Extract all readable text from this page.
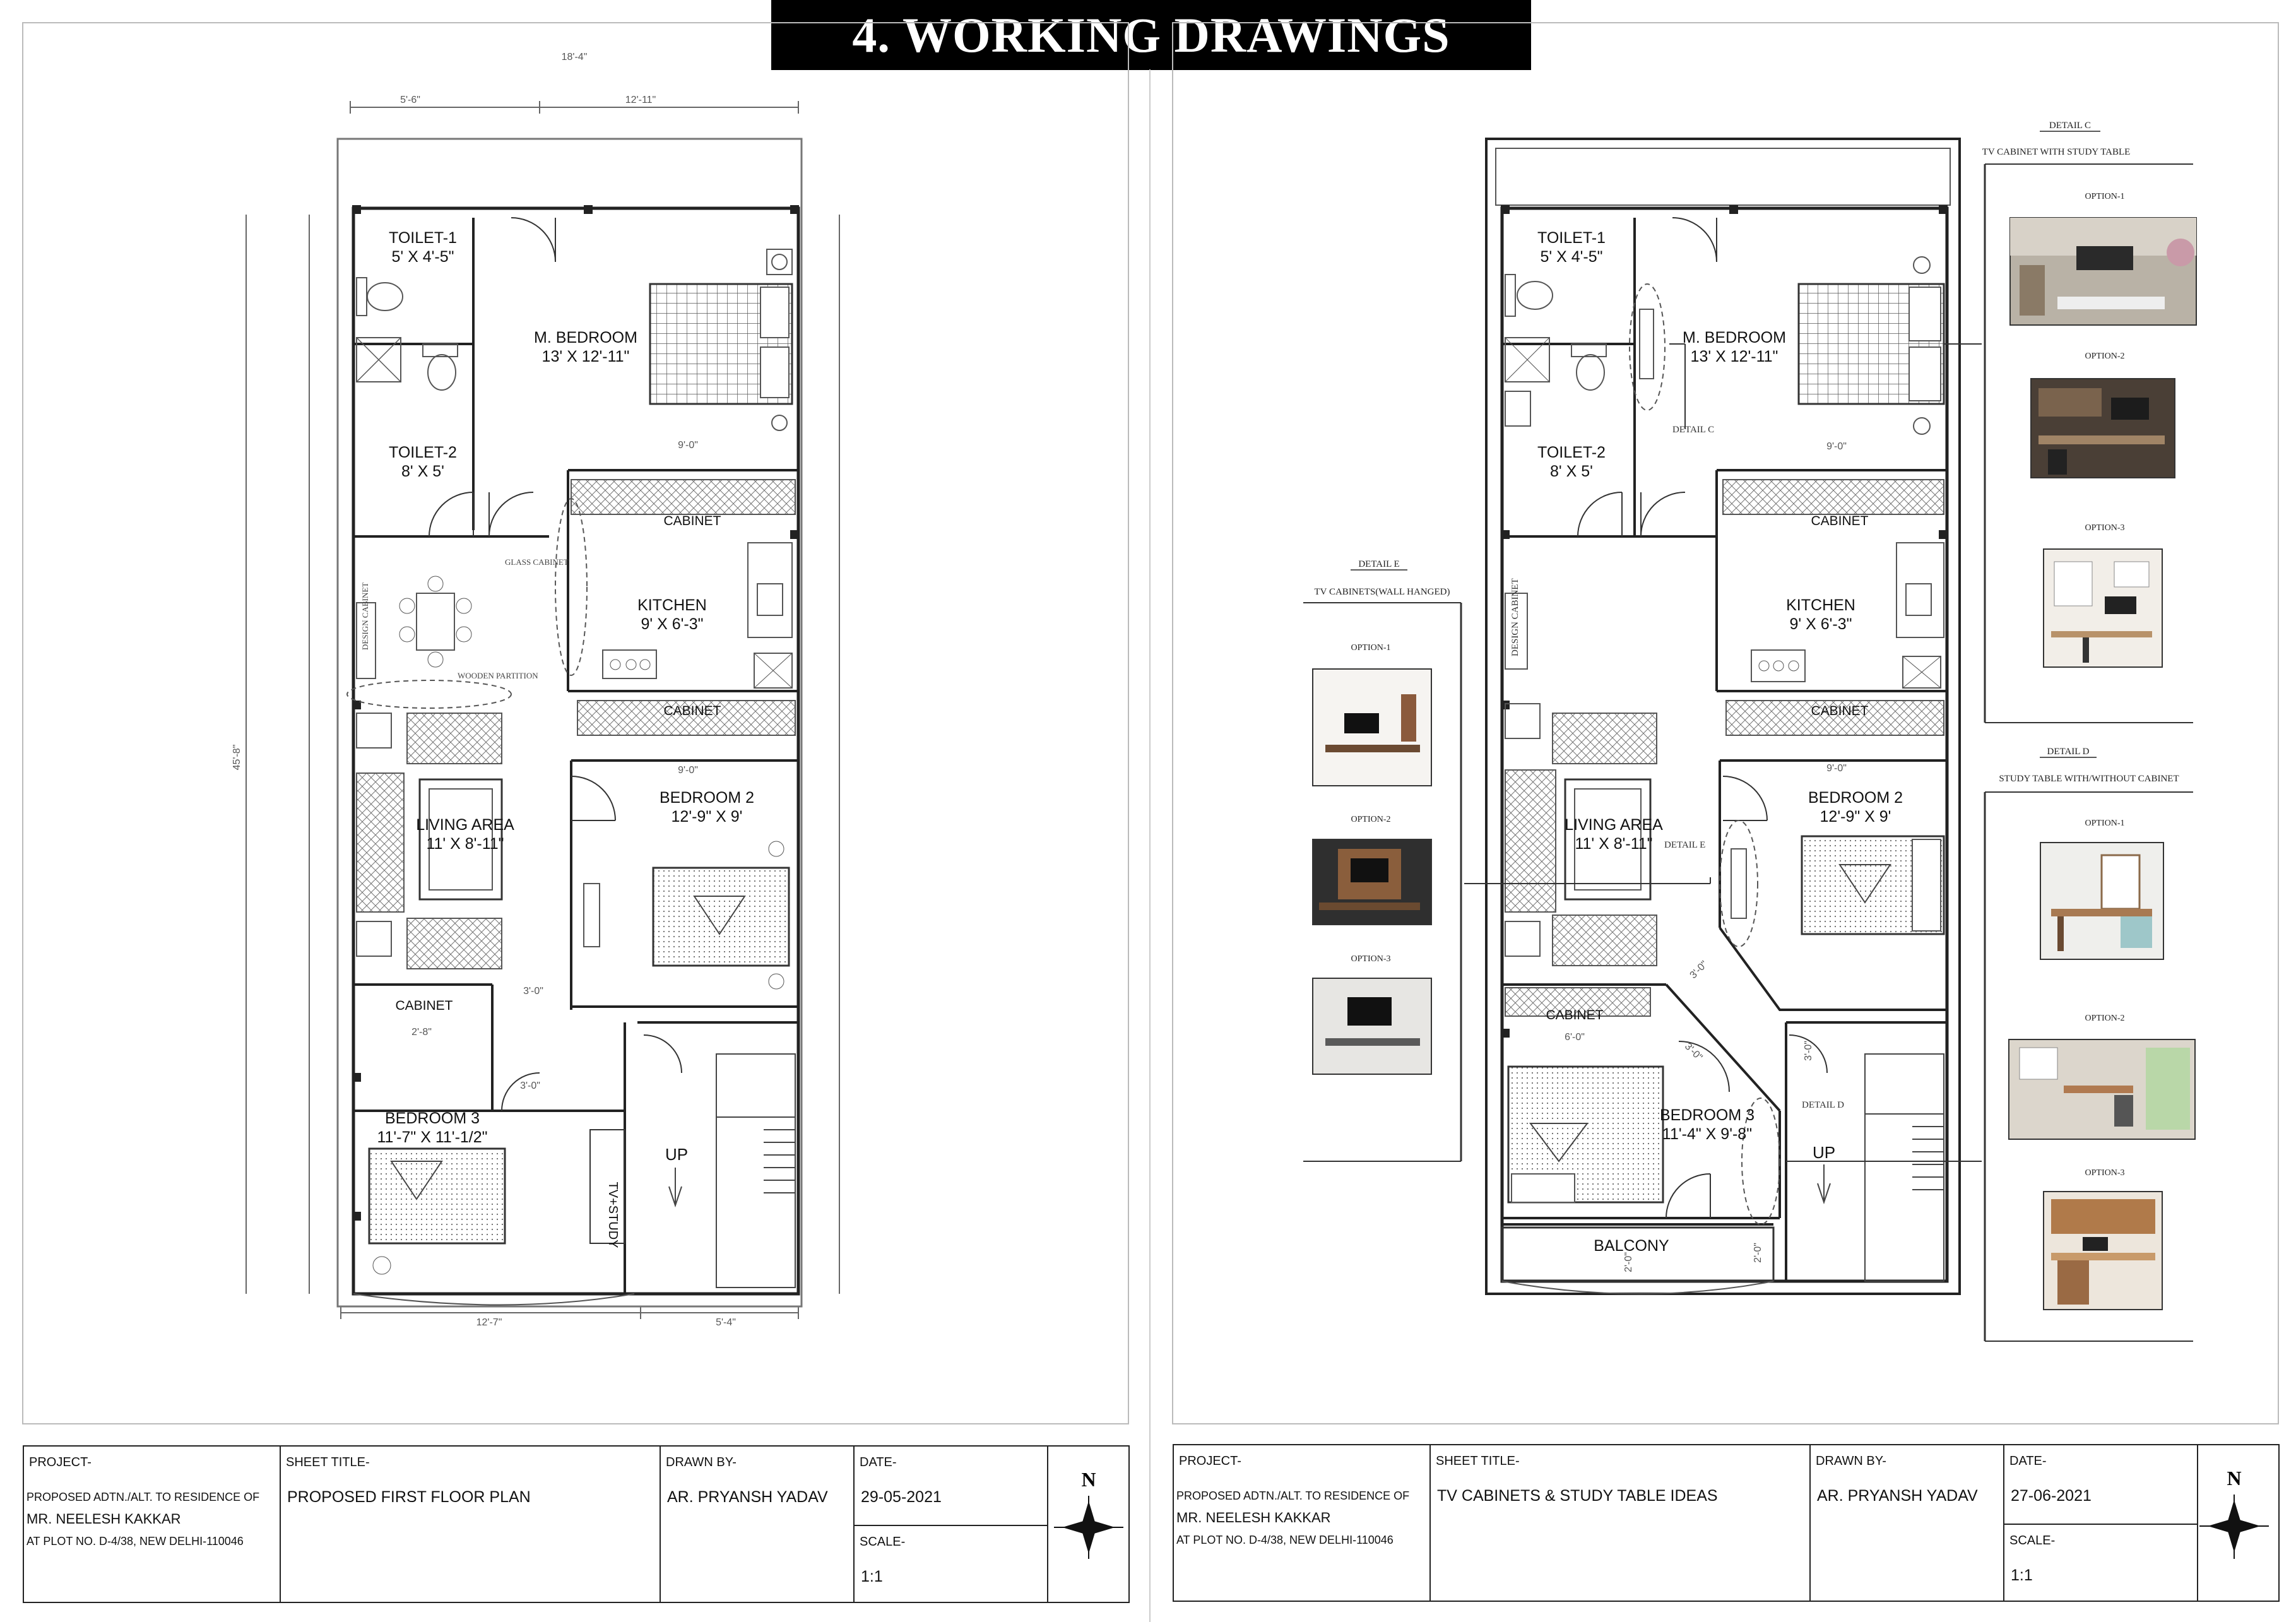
4. WORKING DRAWINGS
TOILET-1
5' X 4'-5"
M. BEDROOM
13' X 12'-11"
TOILET-2
8' X 5'
KITCHEN
9' X 6'-3"
LIVING AREA
11' X 8'-11"
BEDROOM 2
12'-9" X 9'
BEDROOM 3
11'-7" X 11'-1/2"
CABINET
CABINET
CABINET
UP
TV+STUDY
GLASS CABINET
DESIGN CABINET
WOODEN PARTITION
18'-4"
5'-6"	12'-11"
12'-7"	5'-4"
45'-8"
9'-0"
9'-0"
3'-0"
2'-8"
3'-0"
TOILET-1
5' X 4'-5"
M. BEDROOM
13' X 12'-11"
TOILET-2
8' X 5'
KITCHEN
9' X 6'-3"
LIVING AREA
11' X 8'-11"
BEDROOM 2
12'-9" X 9'
BEDROOM 3
11'-4" X 9'-8"
BALCONY
CABINET
CABINET
CABINET
UP
DESIGN CABINET
DETAIL C
DETAIL E
DETAIL D
9'-0"
9'-0"
6'-0"
3'-0"
3'-0"	3'-0"
2'-0"	2'-0"
DETAIL C
TV CABINET WITH STUDY TABLE
OPTION-1
OPTION-2
OPTION-3
DETAIL E
TV CABINETS(WALL HANGED)
OPTION-1
OPTION-2
OPTION-3
DETAIL D
STUDY TABLE WITH/WITHOUT CABINET
OPTION-1
OPTION-2
OPTION-3
N	N
PROJECT-
PROPOSED ADTN./ALT. TO RESIDENCE OF
MR. NEELESH KAKKAR
AT PLOT NO. D-4/38, NEW DELHI-110046
SHEET TITLE-
PROPOSED FIRST FLOOR PLAN
DRAWN BY-
AR. PRYANSH YADAV
DATE-
29-05-2021
SCALE-
1:1
PROJECT-
PROPOSED ADTN./ALT. TO RESIDENCE OF
MR. NEELESH KAKKAR
AT PLOT NO. D-4/38, NEW DELHI-110046
SHEET TITLE-
TV CABINETS & STUDY TABLE IDEAS
DRAWN BY-
AR. PRYANSH YADAV
DATE-
27-06-2021
SCALE-
1:1
